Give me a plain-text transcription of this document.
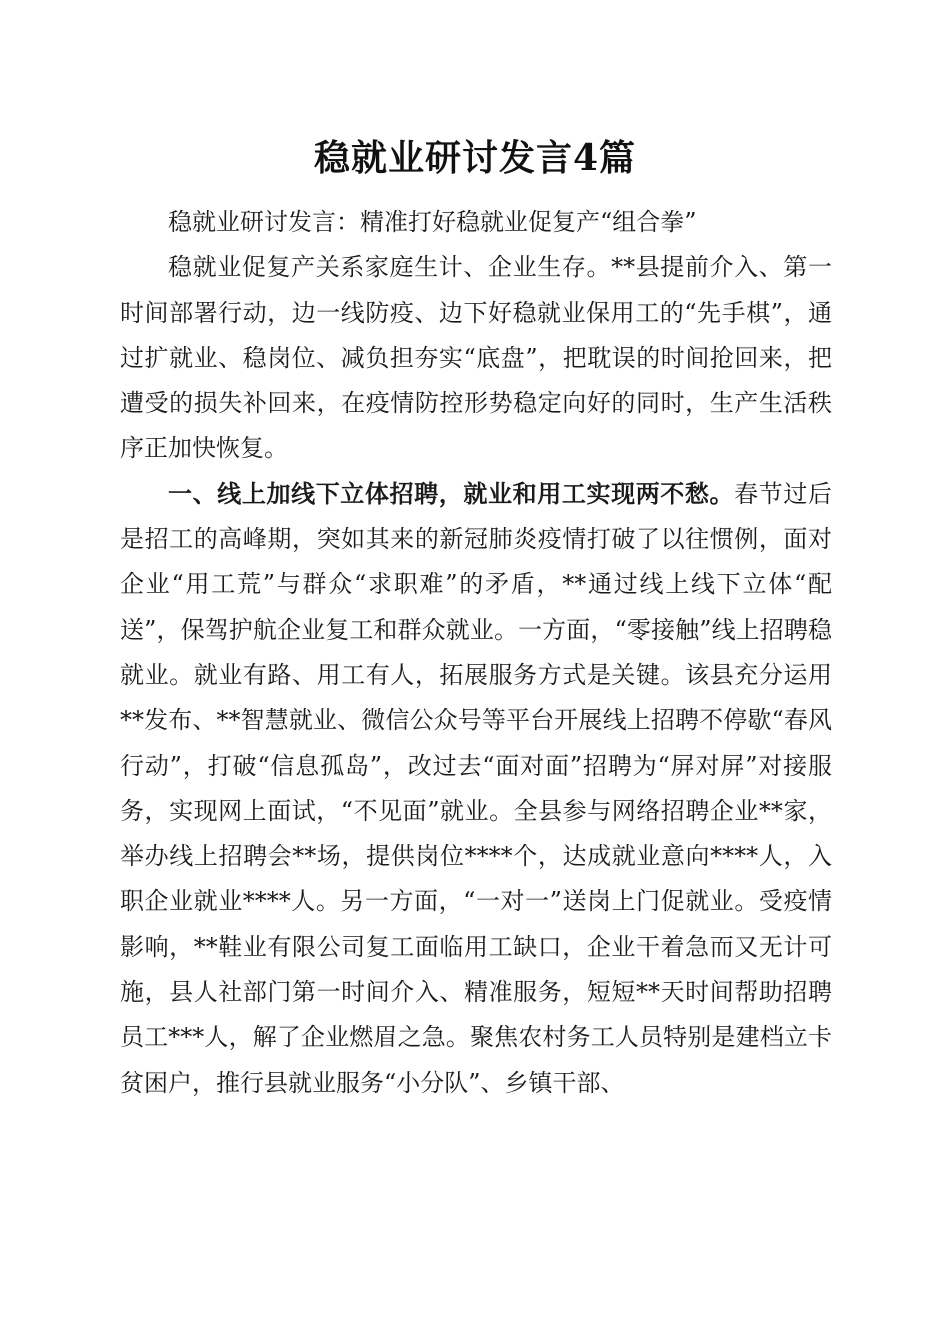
稳就业研讨发言4篇

稳就业研讨发言：精准打好稳就业促复产“组合拳”

稳就业促复产关系家庭生计、企业生存。**县提前介入、第一时间部署行动，边一线防疫、边下好稳就业保用工的“先手棋”，通过扩就业、稳岗位、减负担夯实“底盘”，把耽误的时间抢回来，把遭受的损失补回来，在疫情防控形势稳定向好的同时，生产生活秩序正加快恢复。

一、线上加线下立体招聘，就业和用工实现两不愁。春节过后是招工的高峰期，突如其来的新冠肺炎疫情打破了以往惯例，面对企业“用工荒”与群众“求职难”的矛盾，**通过线上线下立体“配送”，保驾护航企业复工和群众就业。一方面，“零接触”线上招聘稳就业。就业有路、用工有人，拓展服务方式是关键。该县充分运用**发布、**智慧就业、微信公众号等平台开展线上招聘不停歇“春风行动”，打破“信息孤岛”，改过去“面对面”招聘为“屏对屏”对接服务，实现网上面试，“不见面”就业。全县参与网络招聘企业**家，举办线上招聘会**场，提供岗位****个，达成就业意向****人，入职企业就业****人。另一方面，“一对一”送岗上门促就业。受疫情影响，**鞋业有限公司复工面临用工缺口，企业干着急而又无计可施，县人社部门第一时间介入、精准服务，短短**天时间帮助招聘员工***人，解了企业燃眉之急。聚焦农村务工人员特别是建档立卡贫困户，推行县就业服务“小分队”、乡镇干部、
